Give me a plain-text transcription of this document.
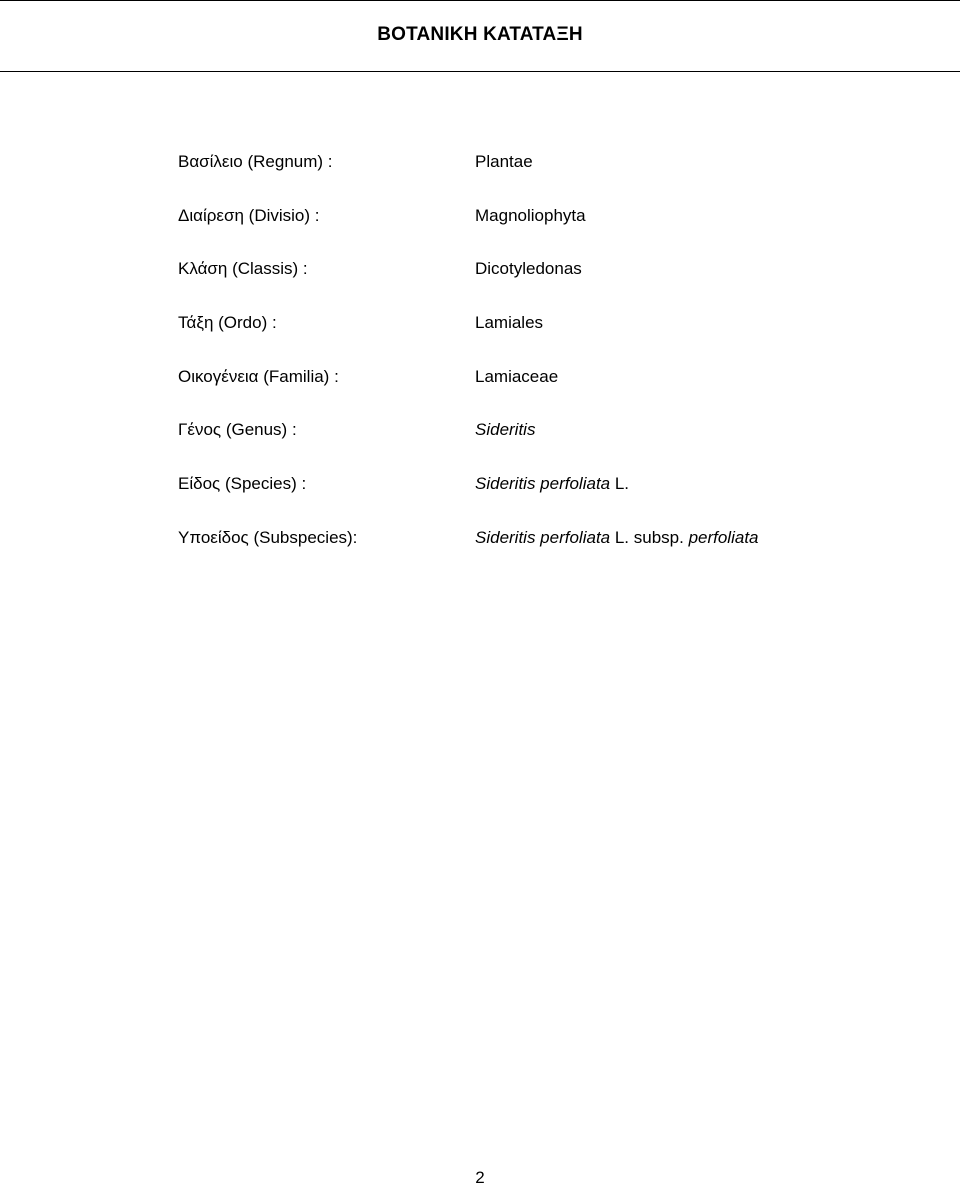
ΒΟΤΑΝΙΚΗ ΚΑΤΑΤΑΞΗ
Βασίλειο (Regnum) :	Plantae
Διαίρεση (Divisio) :	Magnoliophyta
Κλάση (Classis) :	Dicotyledonas
Τάξη (Ordo) :	Lamiales
Οικογένεια (Familia) :	Lamiaceae
Γένος (Genus) :	Sideritis
Είδος (Species) :	Sideritis perfoliata L.
Υποείδος (Subspecies):	Sideritis perfoliata L. subsp. perfoliata
2
